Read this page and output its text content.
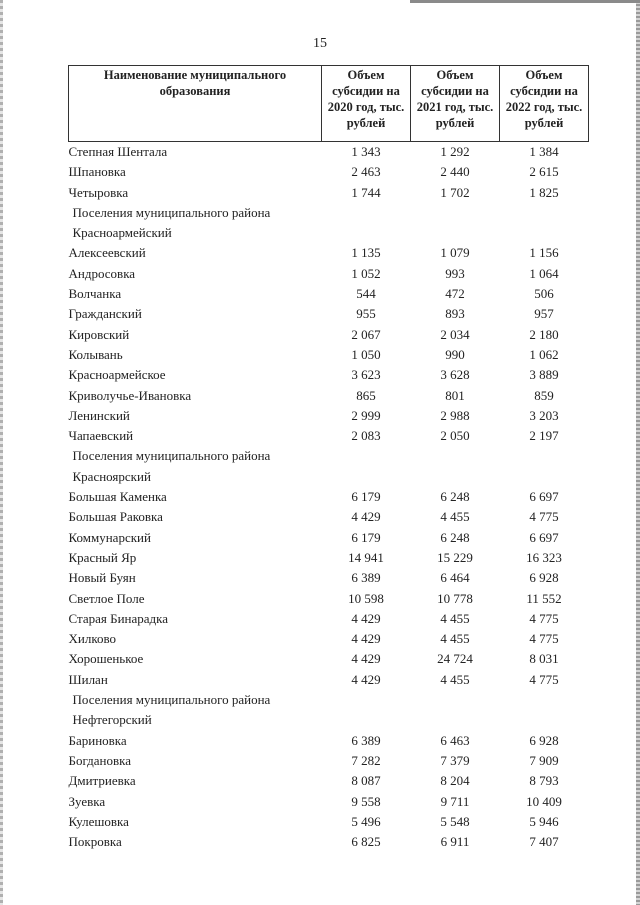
15
Наименование муниципального образования	Объем субсидии на 2020 год, тыс. рублей	Объем субсидии на 2021 год, тыс. рублей	Объем субсидии на 2022 год, тыс. рублей
Степная Шентала	1 343	1 292	1 384
Шпановка	2 463	2 440	2 615
Четыровка	1 744	1 702	1 825
Поселения муниципального района			
Красноармейский			
Алексеевский	1 135	1 079	1 156
Андросовка	1 052	993	1 064
Волчанка	544	472	506
Гражданский	955	893	957
Кировский	2 067	2 034	2 180
Колывань	1 050	990	1 062
Красноармейское	3 623	3 628	3 889
Криволучье-Ивановка	865	801	859
Ленинский	2 999	2 988	3 203
Чапаевский	2 083	2 050	2 197
Поселения муниципального района			
Красноярский			
Большая Каменка	6 179	6 248	6 697
Большая Раковка	4 429	4 455	4 775
Коммунарский	6 179	6 248	6 697
Красный Яр	14 941	15 229	16 323
Новый Буян	6 389	6 464	6 928
Светлое Поле	10 598	10 778	11 552
Старая Бинарадка	4 429	4 455	4 775
Хилково	4 429	4 455	4 775
Хорошенькое	4 429	24 724	8 031
Шилан	4 429	4 455	4 775
Поселения муниципального района			
Нефтегорский			
Бариновка	6 389	6 463	6 928
Богдановка	7 282	7 379	7 909
Дмитриевка	8 087	8 204	8 793
Зуевка	9 558	9 711	10 409
Кулешовка	5 496	5 548	5 946
Покровка	6 825	6 911	7 407
